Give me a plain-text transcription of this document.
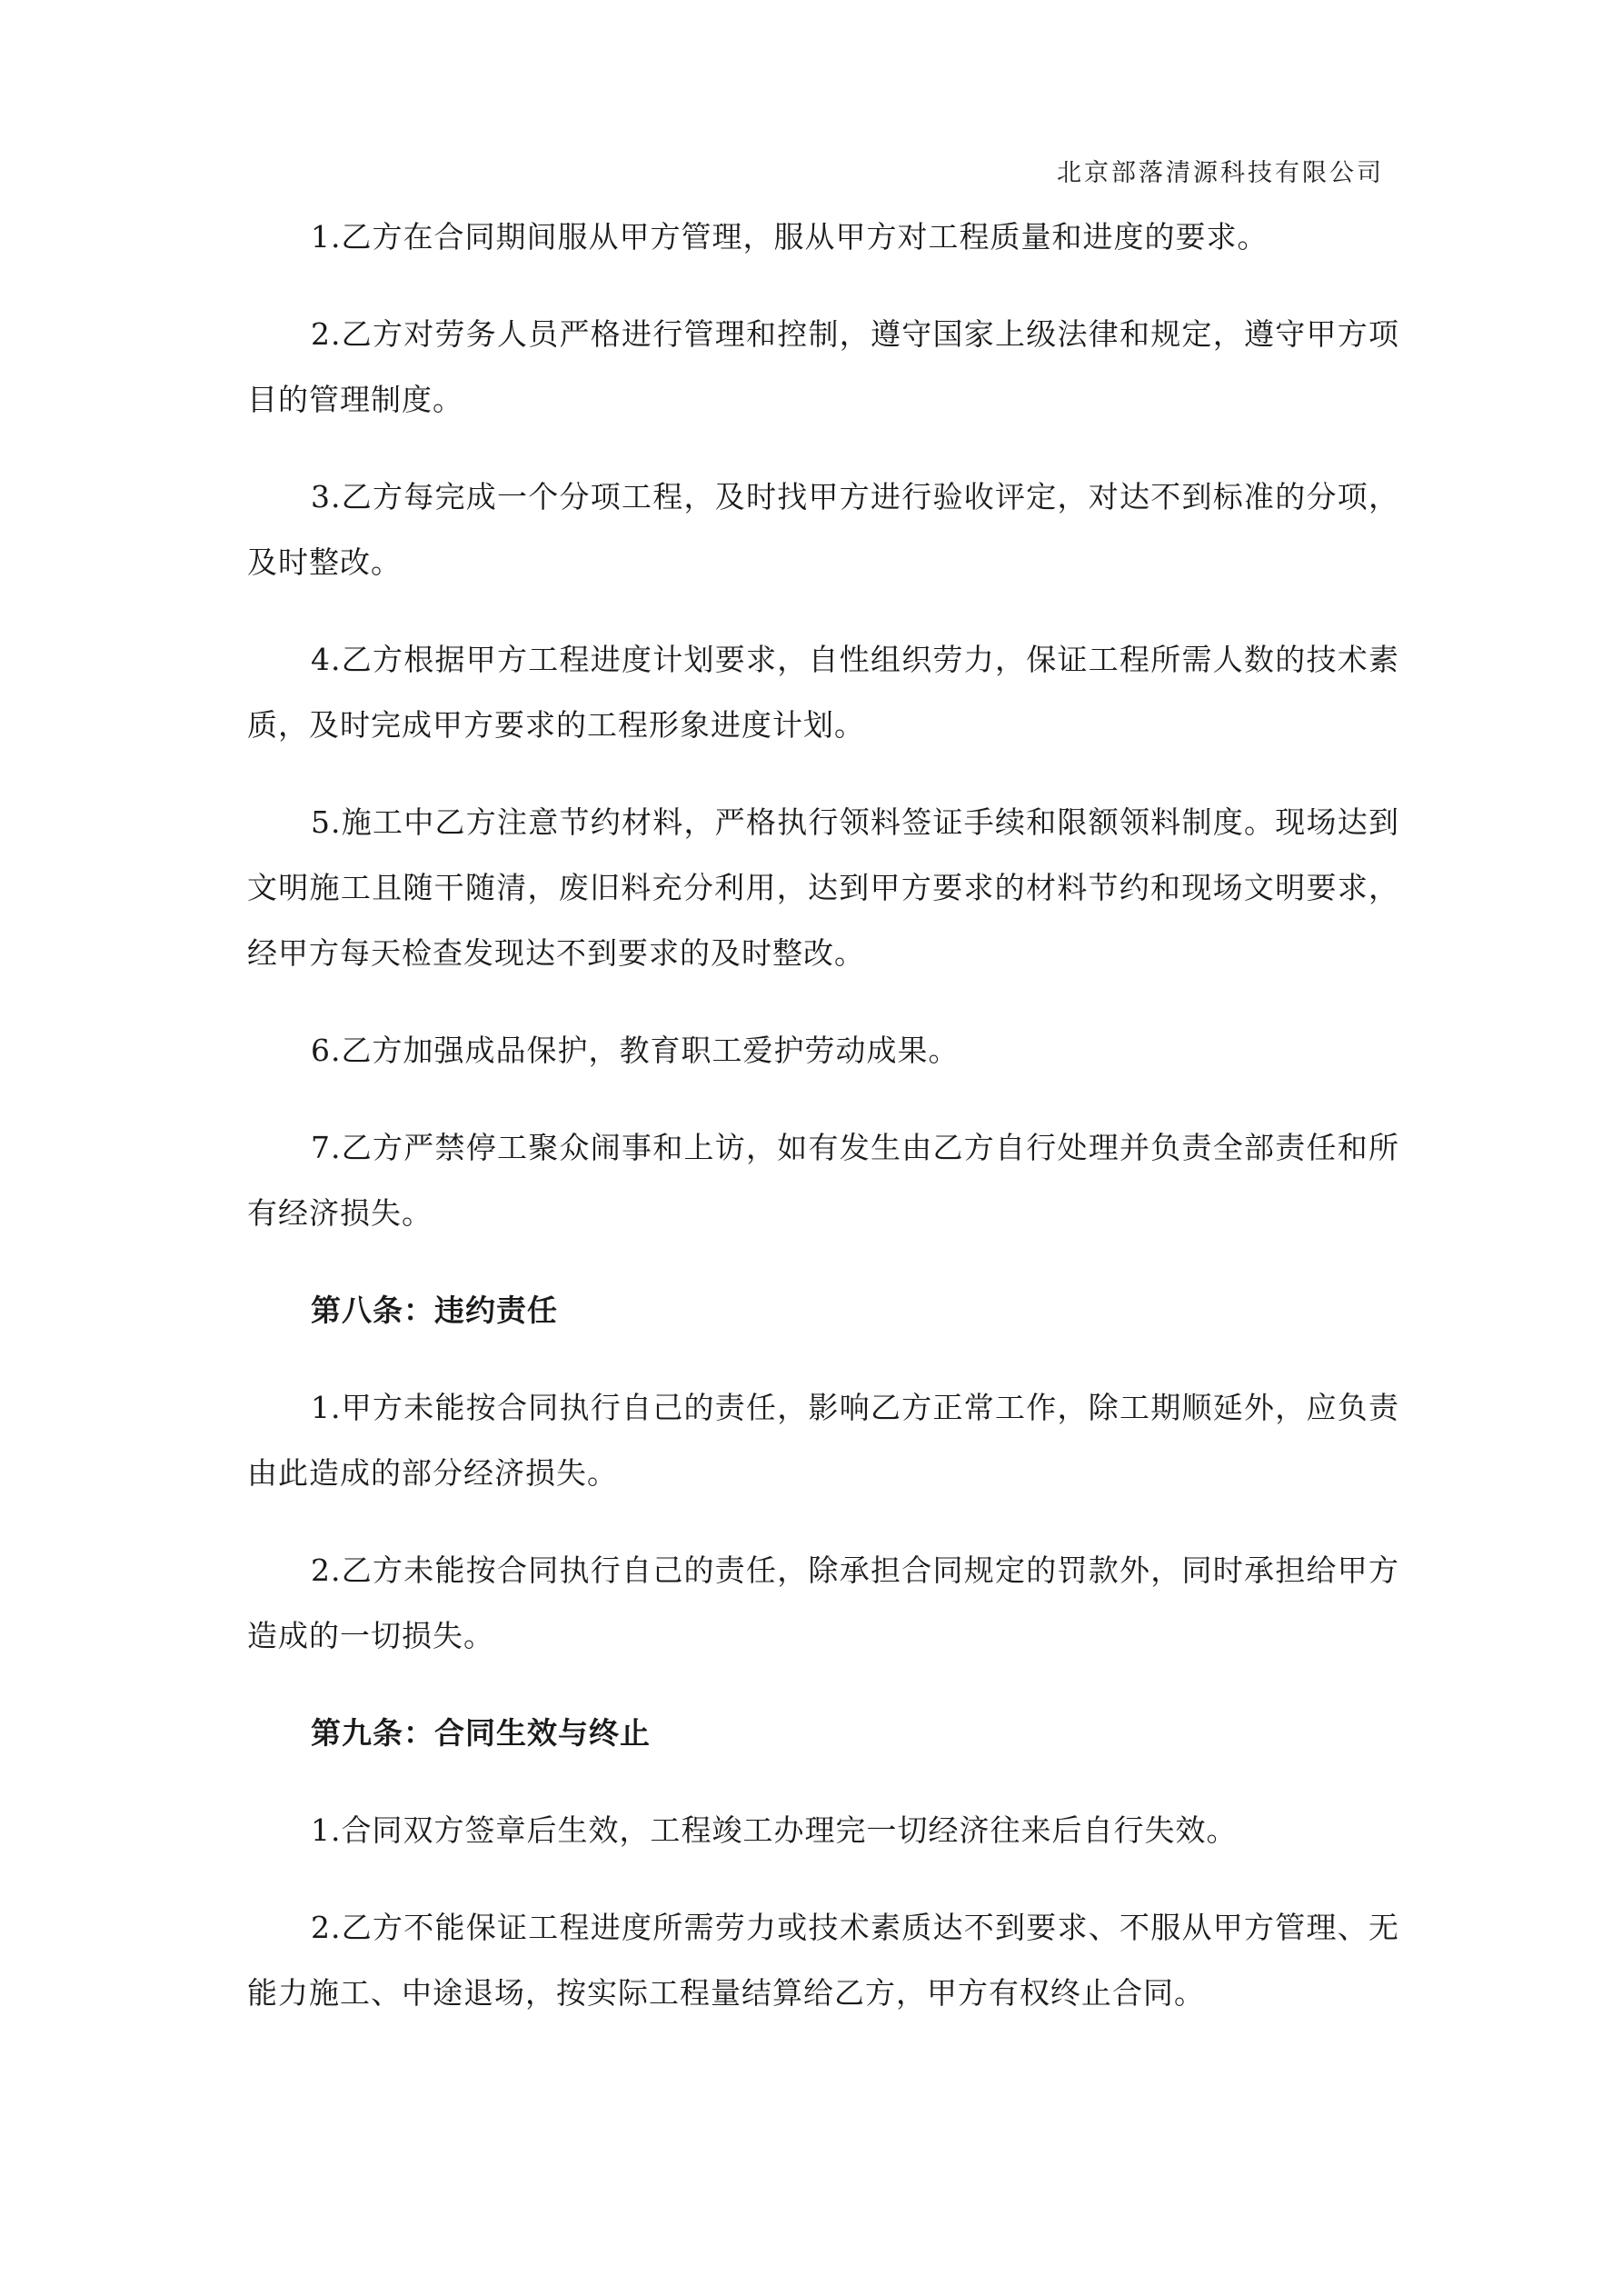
北京部落清源科技有限公司

1.乙方在合同期间服从甲方管理，服从甲方对工程质量和进度的要求。

2.乙方对劳务人员严格进行管理和控制，遵守国家上级法律和规定，遵守甲方项目的管理制度。

3.乙方每完成一个分项工程，及时找甲方进行验收评定，对达不到标准的分项，及时整改。

4.乙方根据甲方工程进度计划要求，自性组织劳力，保证工程所需人数的技术素质，及时完成甲方要求的工程形象进度计划。

5.施工中乙方注意节约材料，严格执行领料签证手续和限额领料制度。现场达到文明施工且随干随清，废旧料充分利用，达到甲方要求的材料节约和现场文明要求，经甲方每天检查发现达不到要求的及时整改。

6.乙方加强成品保护，教育职工爱护劳动成果。

7.乙方严禁停工聚众闹事和上访，如有发生由乙方自行处理并负责全部责任和所有经济损失。

第八条：违约责任

1.甲方未能按合同执行自己的责任，影响乙方正常工作，除工期顺延外，应负责由此造成的部分经济损失。

2.乙方未能按合同执行自己的责任，除承担合同规定的罚款外，同时承担给甲方造成的一切损失。

第九条：合同生效与终止

1.合同双方签章后生效，工程竣工办理完一切经济往来后自行失效。

2.乙方不能保证工程进度所需劳力或技术素质达不到要求、不服从甲方管理、无能力施工、中途退场，按实际工程量结算给乙方，甲方有权终止合同。
